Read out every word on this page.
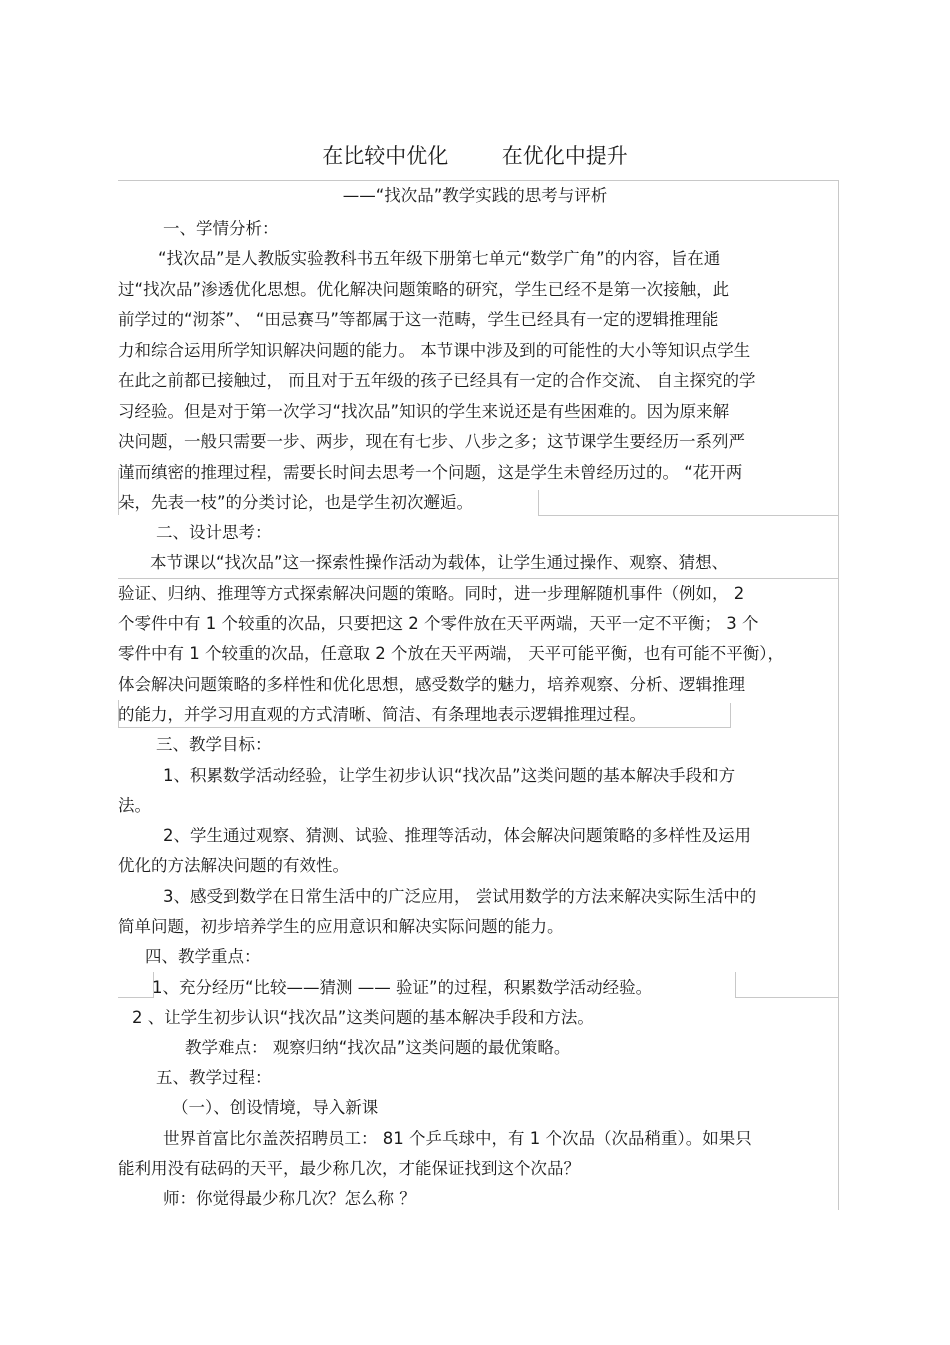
在比较中优化        在优化中提升
——“找次品”教学实践的思考与评析
一、学情分析：
“找次品”是人教版实验教科书五年级下册第七单元“数学广角”的内容，旨在通
过“找次品”渗透优化思想。优化解决问题策略的研究，学生已经不是第一次接触，此
前学过的“沏茶”、 “田忌赛马”等都属于这一范畴，学生已经具有一定的逻辑推理能
力和综合运用所学知识解决问题的能力。 本节课中涉及到的可能性的大小等知识点学生
在此之前都已接触过， 而且对于五年级的孩子已经具有一定的合作交流、 自主探究的学
习经验。但是对于第一次学习“找次品”知识的学生来说还是有些困难的。因为原来解
决问题，一般只需要一步、两步，现在有七步、八步之多；这节课学生要经历一系列严
谨而缜密的推理过程，需要长时间去思考一个问题，这是学生未曾经历过的。 “花开两
朵，先表一枝”的分类讨论，也是学生初次邂逅。
二、设计思考：
本节课以“找次品”这一探索性操作活动为载体，让学生通过操作、观察、猜想、
验证、归纳、推理等方式探索解决问题的策略。同时，进一步理解随机事件（例如， 2
个零件中有 1 个较重的次品，只要把这 2 个零件放在天平两端，天平一定不平衡； 3 个
零件中有 1 个较重的次品，任意取 2 个放在天平两端， 天平可能平衡，也有可能不平衡），
体会解决问题策略的多样性和优化思想，感受数学的魅力，培养观察、分析、逻辑推理
的能力，并学习用直观的方式清晰、简洁、有条理地表示逻辑推理过程。
三、教学目标：
1、积累数学活动经验，让学生初步认识“找次品”这类问题的基本解决手段和方
法。
2、学生通过观察、猜测、试验、推理等活动，体会解决问题策略的多样性及运用
优化的方法解决问题的有效性。
3、感受到数学在日常生活中的广泛应用， 尝试用数学的方法来解决实际生活中的
简单问题，初步培养学生的应用意识和解决实际问题的能力。
四、教学重点：
1、充分经历“比较——猜测 —— 验证”的过程，积累数学活动经验。
2 、让学生初步认识“找次品”这类问题的基本解决手段和方法。
教学难点： 观察归纳“找次品”这类问题的最优策略。
五、教学过程：
（一）、创设情境，导入新课
世界首富比尔盖茨招聘员工： 81 个乒乓球中，有 1 个次品（次品稍重）。如果只
能利用没有砝码的天平，最少称几次，才能保证找到这个次品？
师：你觉得最少称几次？怎么称 ？
